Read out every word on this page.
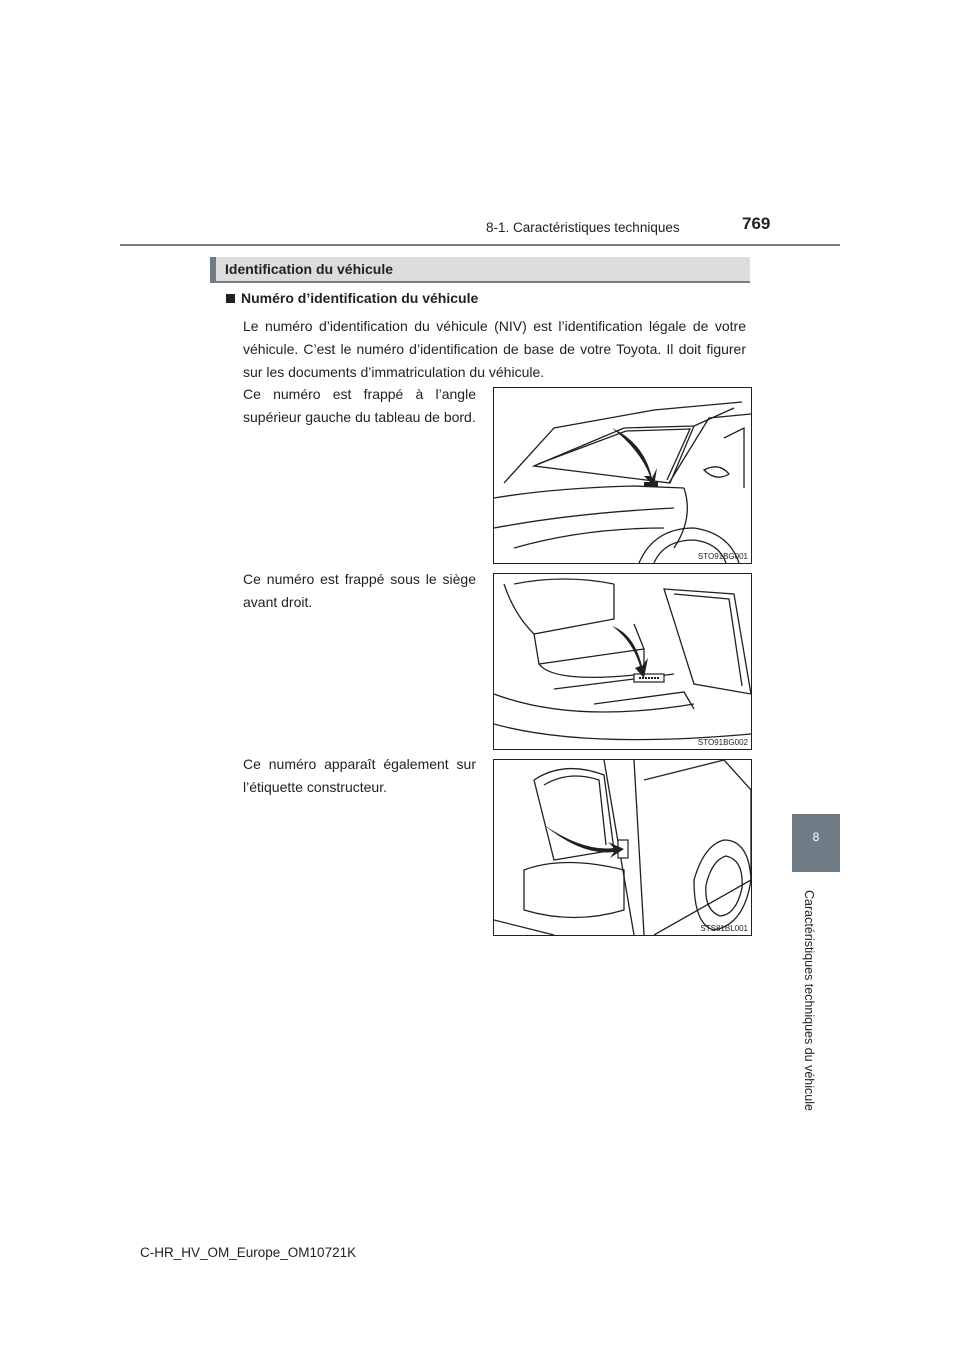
8-1. Caractéristiques techniques	769
8
Caractéristiques techniques du véhicule
Identification du véhicule
Numéro d’identification du véhicule

Le numéro d’identification du véhicule (NIV) est l’identification légale de votre véhicule. C’est le numéro d’identification de base de votre Toyota. Il doit figurer sur les documents d’immatriculation du véhicule.

Ce numéro est frappé à l’angle supérieur gauche du tableau de bord.

STO91BG001

Ce numéro est frappé sous le siège avant droit.

STO91BG002

Ce numéro apparaît également sur l’étiquette constructeur.

STS81BL001
C-HR_HV_OM_Europe_OM10721K
